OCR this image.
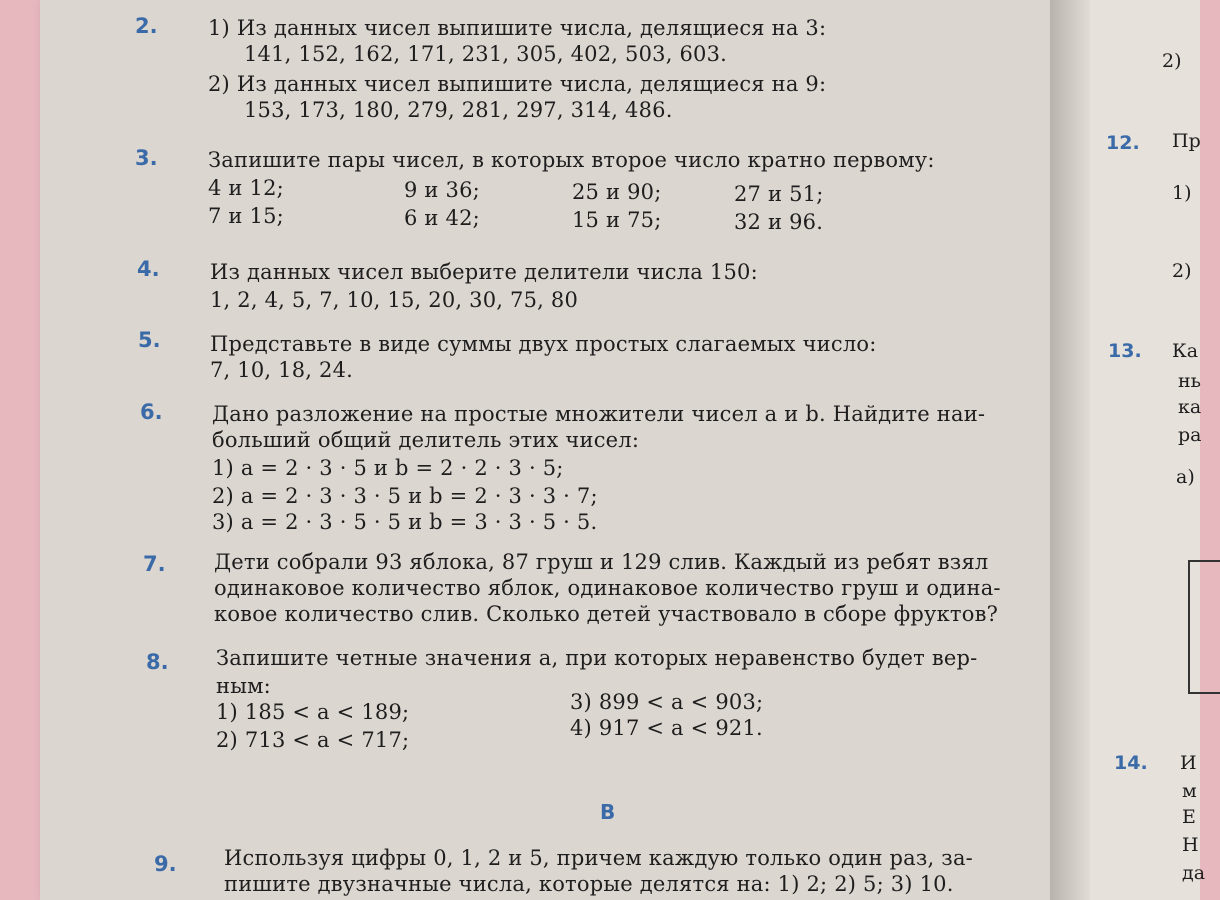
2. 1) Из данных чисел выпишите числа, делящиеся на 3:
141, 152, 162, 171, 231, 305, 402, 503, 603.
2) Из данных чисел выпишите числа, делящиеся на 9:
153, 173, 180, 279, 281, 297, 314, 486.
3. Запишите пары чисел, в которых второе число кратно первому:
4 и 12;	9 и 36;	25 и 90;	27 и 51;
7 и 15;	6 и 42;	15 и 75;	32 и 96.
4. Из данных чисел выберите делители числа 150:
1, 2, 4, 5, 7, 10, 15, 20, 30, 75, 80
5. Представьте в виде суммы двух простых слагаемых число:
7, 10, 18, 24.
6. Дано разложение на простые множители чисел a и b. Найдите наи-
больший общий делитель этих чисел:
1) a = 2 · 3 · 5 и b = 2 · 2 · 3 · 5;
2) a = 2 · 3 · 3 · 5 и b = 2 · 3 · 3 · 7;
3) a = 2 · 3 · 5 · 5 и b = 3 · 3 · 5 · 5.
7. Дети собрали 93 яблока, 87 груш и 129 слив. Каждый из ребят взял
одинаковое количество яблок, одинаковое количество груш и одина-
ковое количество слив. Сколько детей участвовало в сборе фруктов?
8. Запишите четные значения a, при которых неравенство будет вер-
ным:
1) 185 < a < 189;	3) 899 < a < 903;
2) 713 < a < 717;	4) 917 < a < 921.
В
9. Используя цифры 0, 1, 2 и 5, причем каждую только один раз, за-
пишите двузначные числа, которые делятся на: 1) 2; 2) 5; 3) 10.
2)
12. Пр
1)
2)
13. Ка
нь
ка
ра
а)
14. И
м
Е
Н
да
